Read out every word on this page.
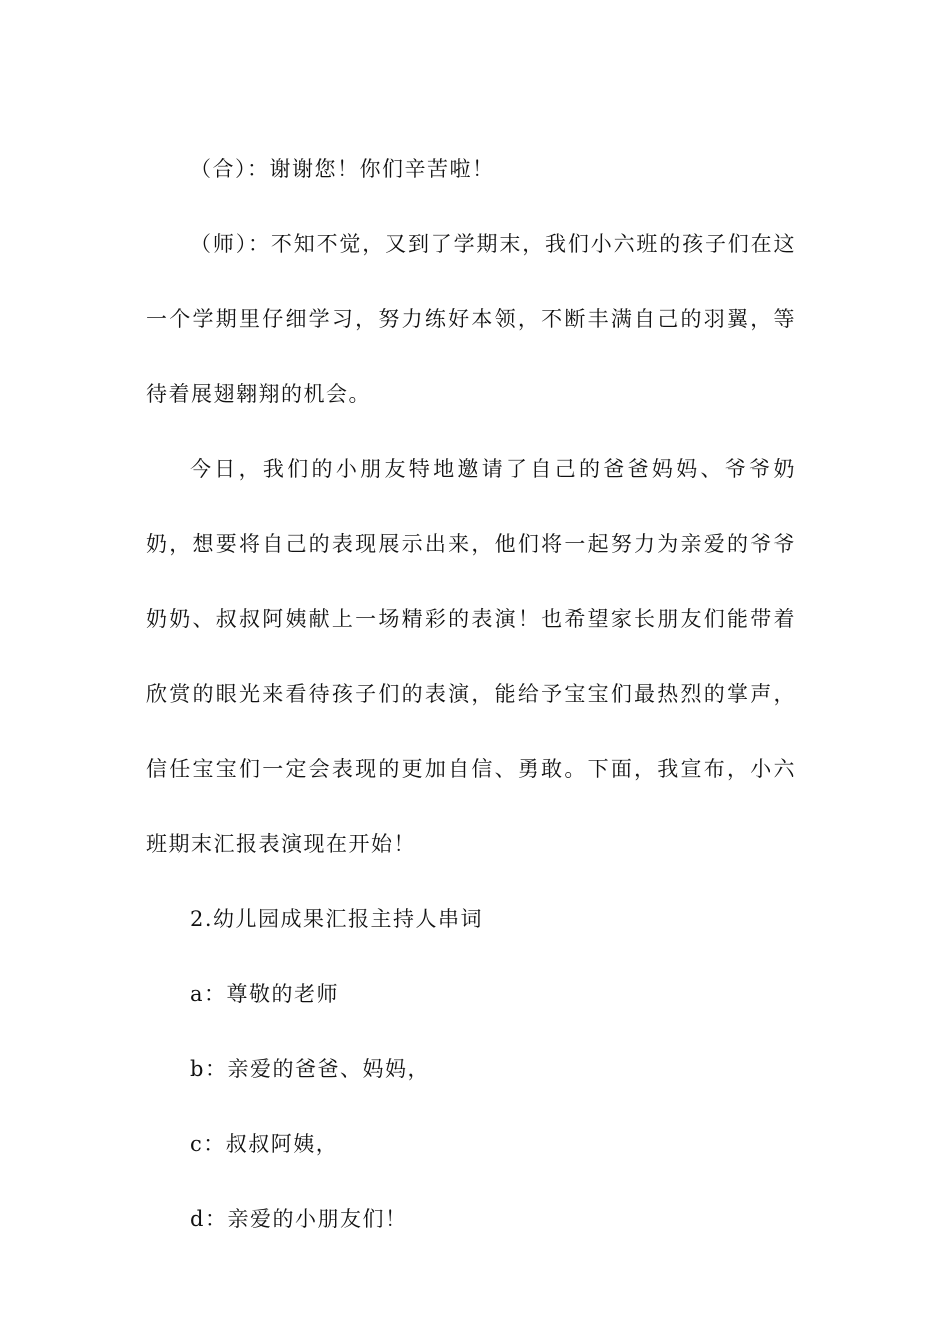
（合）：谢谢您！你们辛苦啦！

（师）：不知不觉，又到了学期末，我们小六班的孩子们在这一个学期里仔细学习，努力练好本领，不断丰满自己的羽翼，等待着展翅翱翔的机会。

今日，我们的小朋友特地邀请了自己的爸爸妈妈、爷爷奶奶，想要将自己的表现展示出来，他们将一起努力为亲爱的爷爷奶奶、叔叔阿姨献上一场精彩的表演！也希望家长朋友们能带着欣赏的眼光来看待孩子们的表演，能给予宝宝们最热烈的掌声，信任宝宝们一定会表现的更加自信、勇敢。下面，我宣布，小六班期末汇报表演现在开始！

2.幼儿园成果汇报主持人串词

a：尊敬的老师

b：亲爱的爸爸、妈妈，

c：叔叔阿姨，

d：亲爱的小朋友们！
